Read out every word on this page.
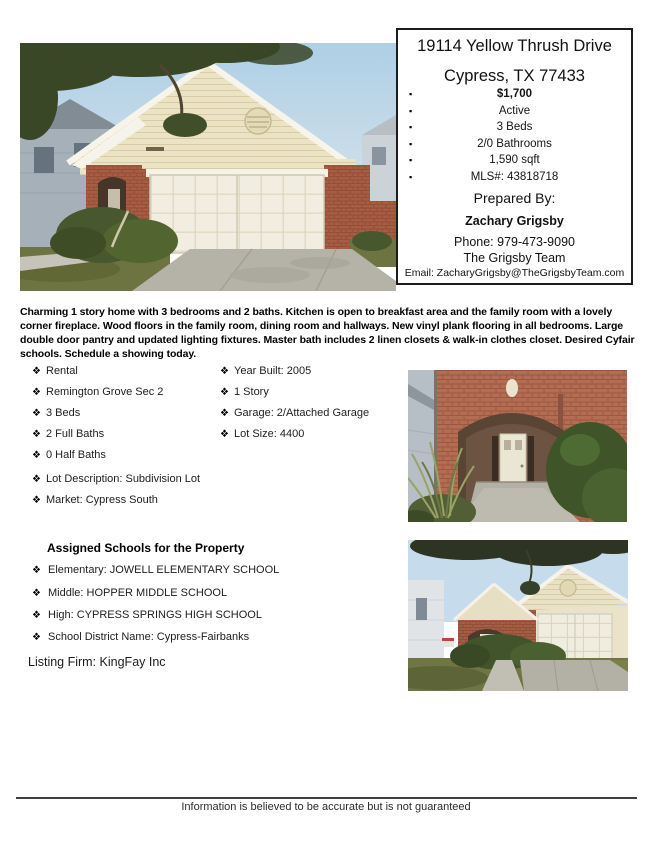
19114 Yellow Thrush Drive
Cypress, TX 77433
▪	$1,700
▪	Active
▪	3 Beds
▪	2/0 Bathrooms
▪	1,590 sqft
▪	MLS#: 43818718
Prepared By:
Zachary Grigsby
Phone: 979-473-9090
The Grigsby Team
Email: ZacharyGrigsby@TheGrigsbyTeam.com

Charming 1 story home with 3 bedrooms and 2 baths. Kitchen is open to breakfast area and the family room with a lovely corner fireplace. Wood floors in the family room, dining room and hallways. New vinyl plank flooring in all bedrooms. Large double door pantry and updated lighting fixtures. Master bath includes 2 linen closets & walk-in clothes closet. Desired Cyfair schools. Schedule a showing today.

❖ Rental
❖ Remington Grove Sec 2
❖ 3 Beds
❖ 2 Full Baths
❖ 0 Half Baths
❖ Lot Description: Subdivision Lot
❖ Market: Cypress South
❖ Year Built: 2005
❖ 1 Story
❖ Garage: 2/Attached Garage
❖ Lot Size: 4400
Assigned Schools for the Property
❖ Elementary: JOWELL ELEMENTARY SCHOOL
❖ Middle: HOPPER MIDDLE SCHOOL
❖ High: CYPRESS SPRINGS HIGH SCHOOL
❖ School District Name: Cypress-Fairbanks
Listing Firm: KingFay Inc
Information is believed to be accurate but is not guaranteed
